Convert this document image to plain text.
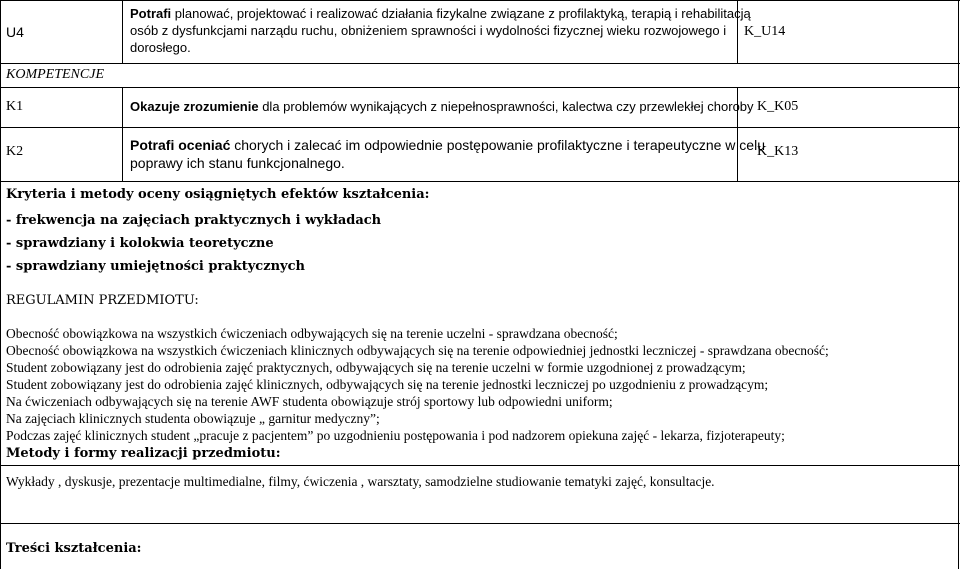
U4
Potrafi planować, projektować i realizować działania fizykalne związane z profilaktyką, terapią i rehabilitacją
osób z dysfunkcjami narządu ruchu, obniżeniem sprawności i wydolności fizycznej wieku rozwojowego i
dorosłego.
K_U14
KOMPETENCJE
K1	Okazuje zrozumienie dla problemów wynikających z niepełnosprawności, kalectwa czy przewlekłej choroby K_K05
K2	Potrafi oceniać chorych i zalecać im odpowiednie postępowanie profilaktyczne i terapeutyczne w celu
poprawy ich stanu funkcjonalnego.
K_K13
Kryteria i metody oceny osiągniętych efektów kształcenia:
- frekwencja na zajęciach praktycznych i wykładach
- sprawdziany i kolokwia teoretyczne
- sprawdziany umiejętności praktycznych
REGULAMIN PRZEDMIOTU:
Obecność obowiązkowa na wszystkich ćwiczeniach odbywających się na terenie uczelni - sprawdzana obecność;
Obecność obowiązkowa na wszystkich ćwiczeniach klinicznych odbywających się na terenie odpowiedniej jednostki leczniczej - sprawdzana obecność;
Student zobowiązany jest do odrobienia zajęć praktycznych, odbywających się na terenie uczelni w formie uzgodnionej z prowadzącym;
Student zobowiązany jest do odrobienia zajęć klinicznych, odbywających się na terenie jednostki leczniczej po uzgodnieniu z prowadzącym;
Na ćwiczeniach odbywających się na terenie AWF studenta obowiązuje strój sportowy lub odpowiedni uniform;
Na zajęciach klinicznych studenta obowiązuje „ garnitur medyczny”;
Podczas zajęć klinicznych student „pracuje z pacjentem” po uzgodnieniu postępowania i pod nadzorem opiekuna zajęć - lekarza, fizjoterapeuty;
Metody i formy realizacji przedmiotu:
Wykłady , dyskusje, prezentacje multimedialne, filmy, ćwiczenia , warsztaty, samodzielne studiowanie tematyki zajęć, konsultacje.
Treści kształcenia:
